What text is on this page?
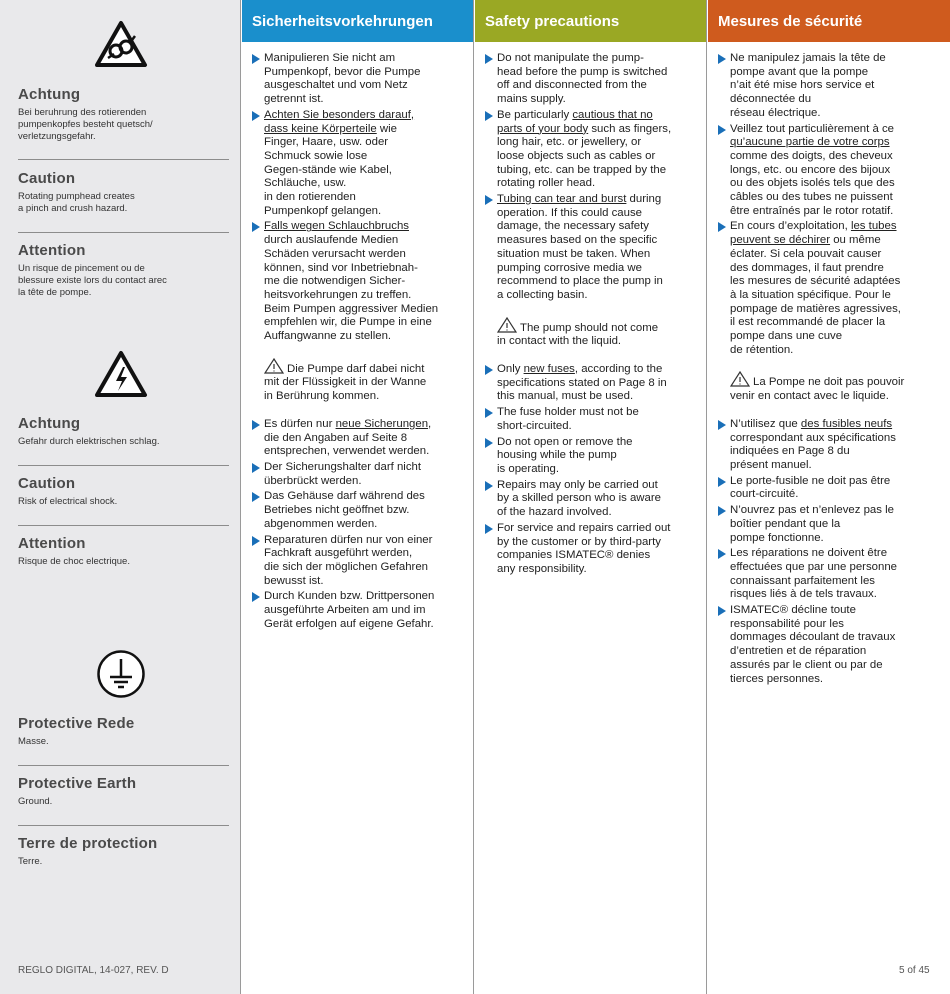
Achtung

Bei beruhrung des rotierenden
pumpenkopfes besteht quetsch/
verletzungsgefahr.

Caution

Rotating pumphead creates
a pinch and crush hazard.

Attention

Un risque de pincement ou de
blessure existe lors du contact arec
la tête de pompe.

Achtung

Gefahr durch elektrischen schlag.

Caution

Risk of electrical shock.

Attention

Risque de choc electrique.

Protective Rede

Masse.

Protective Earth

Ground.

Terre de protection

Terre.

REGLO DIGITAL, 14-027, REV. D
Sicherheitsvorkehrungen
Manipulieren Sie nicht am
Pumpenkopf, bevor die Pumpe
ausgeschaltet und vom Netz
getrennt ist.
Achten Sie besonders darauf,
dass keine Körperteile wie
Finger, Haare, usw. oder
Schmuck sowie lose
Gegen-stände wie Kabel,
Schläuche, usw.
in den rotierenden
Pumpenkopf gelangen.
Falls wegen Schlauchbruchs
durch auslaufende Medien
Schäden verursacht werden
können, sind vor Inbetriebnah-
me die notwendigen Sicher-
heitsvorkehrungen zu treffen.
Beim Pumpen aggressiver Medien
empfehlen wir, die Pumpe in eine
Auffangwanne zu stellen.
Die Pumpe darf dabei nicht
mit der Flüssigkeit in der Wanne
in Berührung kommen.
Es dürfen nur neue Sicherungen,
die den Angaben auf Seite 8
entsprechen, verwendet werden.
Der Sicherungshalter darf nicht
überbrückt werden.
Das Gehäuse darf während des
Betriebes nicht geöffnet bzw.
abgenommen werden.
Reparaturen dürfen nur von einer
Fachkraft ausgeführt werden,
die sich der möglichen Gefahren
bewusst ist.
Durch Kunden bzw. Drittpersonen
ausgeführte Arbeiten am und im
Gerät erfolgen auf eigene Gefahr.
Safety precautions
Do not manipulate the pump-
head before the pump is switched
off and disconnected from the
mains supply.
Be particularly cautious that no
parts of your body such as fingers,
long hair, etc. or jewellery, or
loose objects such as cables or
tubing, etc. can be trapped by the
rotating roller head.
Tubing can tear and burst during
operation. If this could cause
damage, the necessary safety
measures based on the specific
situation must be taken. When
pumping corrosive media we
recommend to place the pump in
a collecting basin.
The pump should not come
in contact with the liquid.
Only new fuses, according to the
specifications stated on Page 8 in
this manual, must be used.
The fuse holder must not be
short-circuited.
Do not open or remove the
housing while the pump
is operating.
Repairs may only be carried out
by a skilled person who is aware
of the hazard involved.
For service and repairs carried out
by the customer or by third-party
companies ISMATEC® denies
any responsibility.
Mesures de sécurité
Ne manipulez jamais la tête de
pompe avant que la pompe
n’ait été mise hors service et
déconnectée du
réseau électrique.
Veillez tout particulièrement à ce
qu’aucune partie de votre corps
comme des doigts, des cheveux
longs, etc. ou encore des bijoux
ou des objets isolés tels que des
câbles ou des tubes ne puissent
être entraînés par le rotor rotatif.
En cours d’exploitation, les tubes
peuvent se déchirer ou même
éclater. Si cela pouvait causer
des dommages, il faut prendre
les mesures de sécurité adaptées
à la situation spécifique. Pour le
pompage de matières agressives,
il est recommandé de placer la
pompe dans une cuve
de rétention.
La Pompe ne doit pas pouvoir
venir en contact avec le liquide.
N’utilisez que des fusibles neufs
correspondant aux spécifications
indiquées en Page 8 du
présent manuel.
Le porte-fusible ne doit pas être
court-circuité.
N’ouvrez pas et n’enlevez pas le
boîtier pendant que la
pompe fonctionne.
Les réparations ne doivent être
effectuées que par une personne
connaissant parfaitement les
risques liés à de tels travaux.
ISMATEC® décline toute
responsabilité pour les
dommages découlant de travaux
d’entretien et de réparation
assurés par le client ou par de
tierces personnes.
5 of 45
